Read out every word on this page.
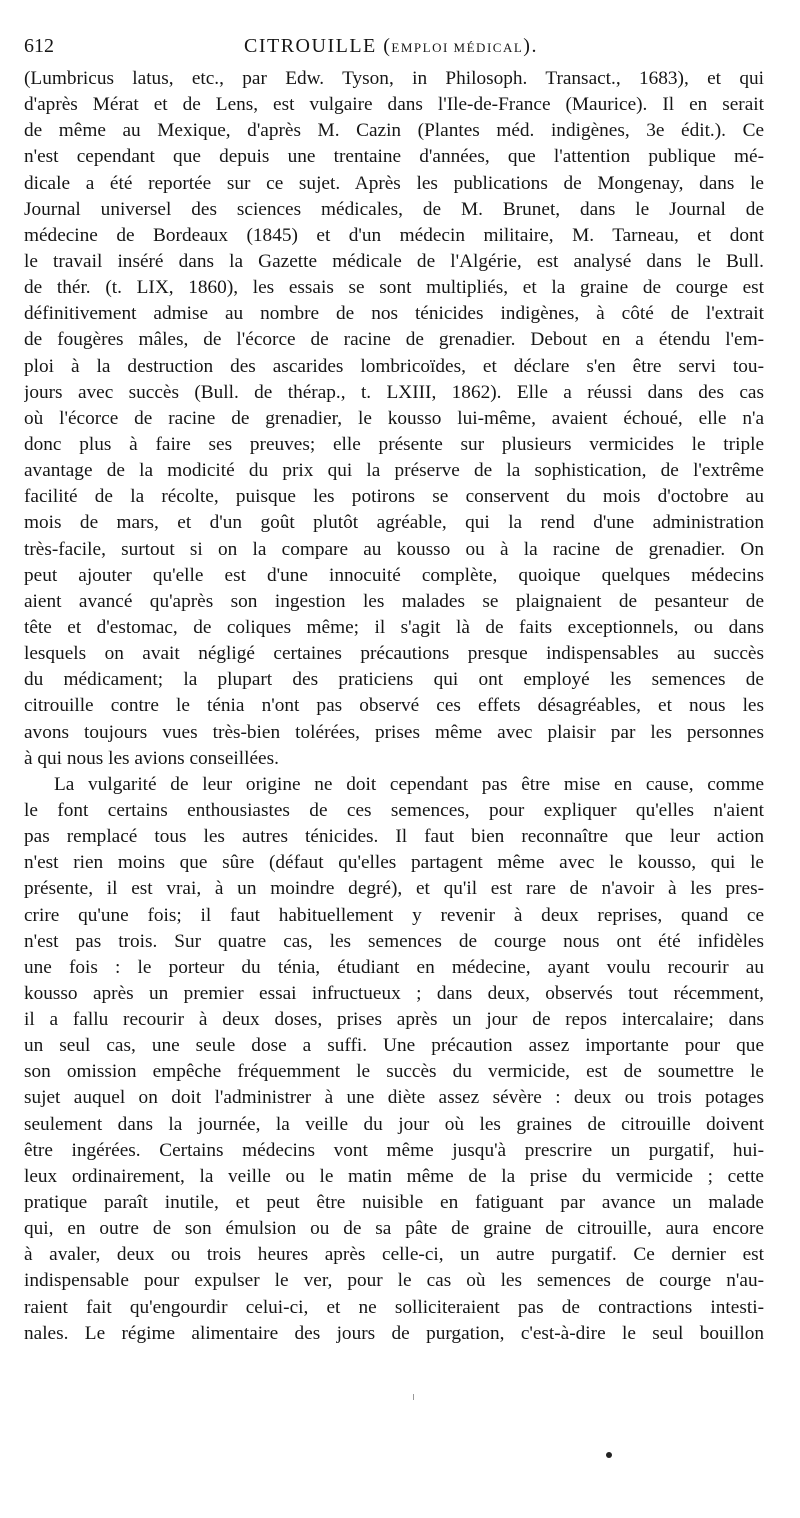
612	CITROUILLE (EMPLOI MÉDICAL).
(Lumbricus latus, etc., par Edw. Tyson, in Philosoph. Transact., 1683), et qui
d'après Mérat et de Lens, est vulgaire dans l'Ile-de-France (Maurice). Il en serait
de même au Mexique, d'après M. Cazin (Plantes méd. indigènes, 3e édit.). Ce
n'est cependant que depuis une trentaine d'années, que l'attention publique mé-
dicale a été reportée sur ce sujet. Après les publications de Mongenay, dans le
Journal universel des sciences médicales, de M. Brunet, dans le Journal de
médecine de Bordeaux (1845) et d'un médecin militaire, M. Tarneau, et dont
le travail inséré dans la Gazette médicale de l'Algérie, est analysé dans le Bull.
de thér. (t. LIX, 1860), les essais se sont multipliés, et la graine de courge est
définitivement admise au nombre de nos ténicides indigènes, à côté de l'extrait
de fougères mâles, de l'écorce de racine de grenadier. Debout en a étendu l'em-
ploi à la destruction des ascarides lombricoïdes, et déclare s'en être servi tou-
jours avec succès (Bull. de thérap., t. LXIII, 1862). Elle a réussi dans des cas
où l'écorce de racine de grenadier, le kousso lui-même, avaient échoué, elle n'a
donc plus à faire ses preuves; elle présente sur plusieurs vermicides le triple
avantage de la modicité du prix qui la préserve de la sophistication, de l'extrême
facilité de la récolte, puisque les potirons se conservent du mois d'octobre au
mois de mars, et d'un goût plutôt agréable, qui la rend d'une administration
très-facile, surtout si on la compare au kousso ou à la racine de grenadier. On
peut ajouter qu'elle est d'une innocuité complète, quoique quelques médecins
aient avancé qu'après son ingestion les malades se plaignaient de pesanteur de
tête et d'estomac, de coliques même; il s'agit là de faits exceptionnels, ou dans
lesquels on avait négligé certaines précautions presque indispensables au succès
du médicament; la plupart des praticiens qui ont employé les semences de
citrouille contre le ténia n'ont pas observé ces effets désagréables, et nous les
avons toujours vues très-bien tolérées, prises même avec plaisir par les personnes
à qui nous les avions conseillées.
La vulgarité de leur origine ne doit cependant pas être mise en cause, comme
le font certains enthousiastes de ces semences, pour expliquer qu'elles n'aient
pas remplacé tous les autres ténicides. Il faut bien reconnaître que leur action
n'est rien moins que sûre (défaut qu'elles partagent même avec le kousso, qui le
présente, il est vrai, à un moindre degré), et qu'il est rare de n'avoir à les pres-
crire qu'une fois; il faut habituellement y revenir à deux reprises, quand ce
n'est pas trois. Sur quatre cas, les semences de courge nous ont été infidèles
une fois : le porteur du ténia, étudiant en médecine, ayant voulu recourir au
kousso après un premier essai infructueux ; dans deux, observés tout récemment,
il a fallu recourir à deux doses, prises après un jour de repos intercalaire; dans
un seul cas, une seule dose a suffi. Une précaution assez importante pour que
son omission empêche fréquemment le succès du vermicide, est de soumettre le
sujet auquel on doit l'administrer à une diète assez sévère : deux ou trois potages
seulement dans la journée, la veille du jour où les graines de citrouille doivent
être ingérées. Certains médecins vont même jusqu'à prescrire un purgatif, hui-
leux ordinairement, la veille ou le matin même de la prise du vermicide ; cette
pratique paraît inutile, et peut être nuisible en fatiguant par avance un malade
qui, en outre de son émulsion ou de sa pâte de graine de citrouille, aura encore
à avaler, deux ou trois heures après celle-ci, un autre purgatif. Ce dernier est
indispensable pour expulser le ver, pour le cas où les semences de courge n'au-
raient fait qu'engourdir celui-ci, et ne solliciteraient pas de contractions intesti-
nales. Le régime alimentaire des jours de purgation, c'est-à-dire le seul bouillon
